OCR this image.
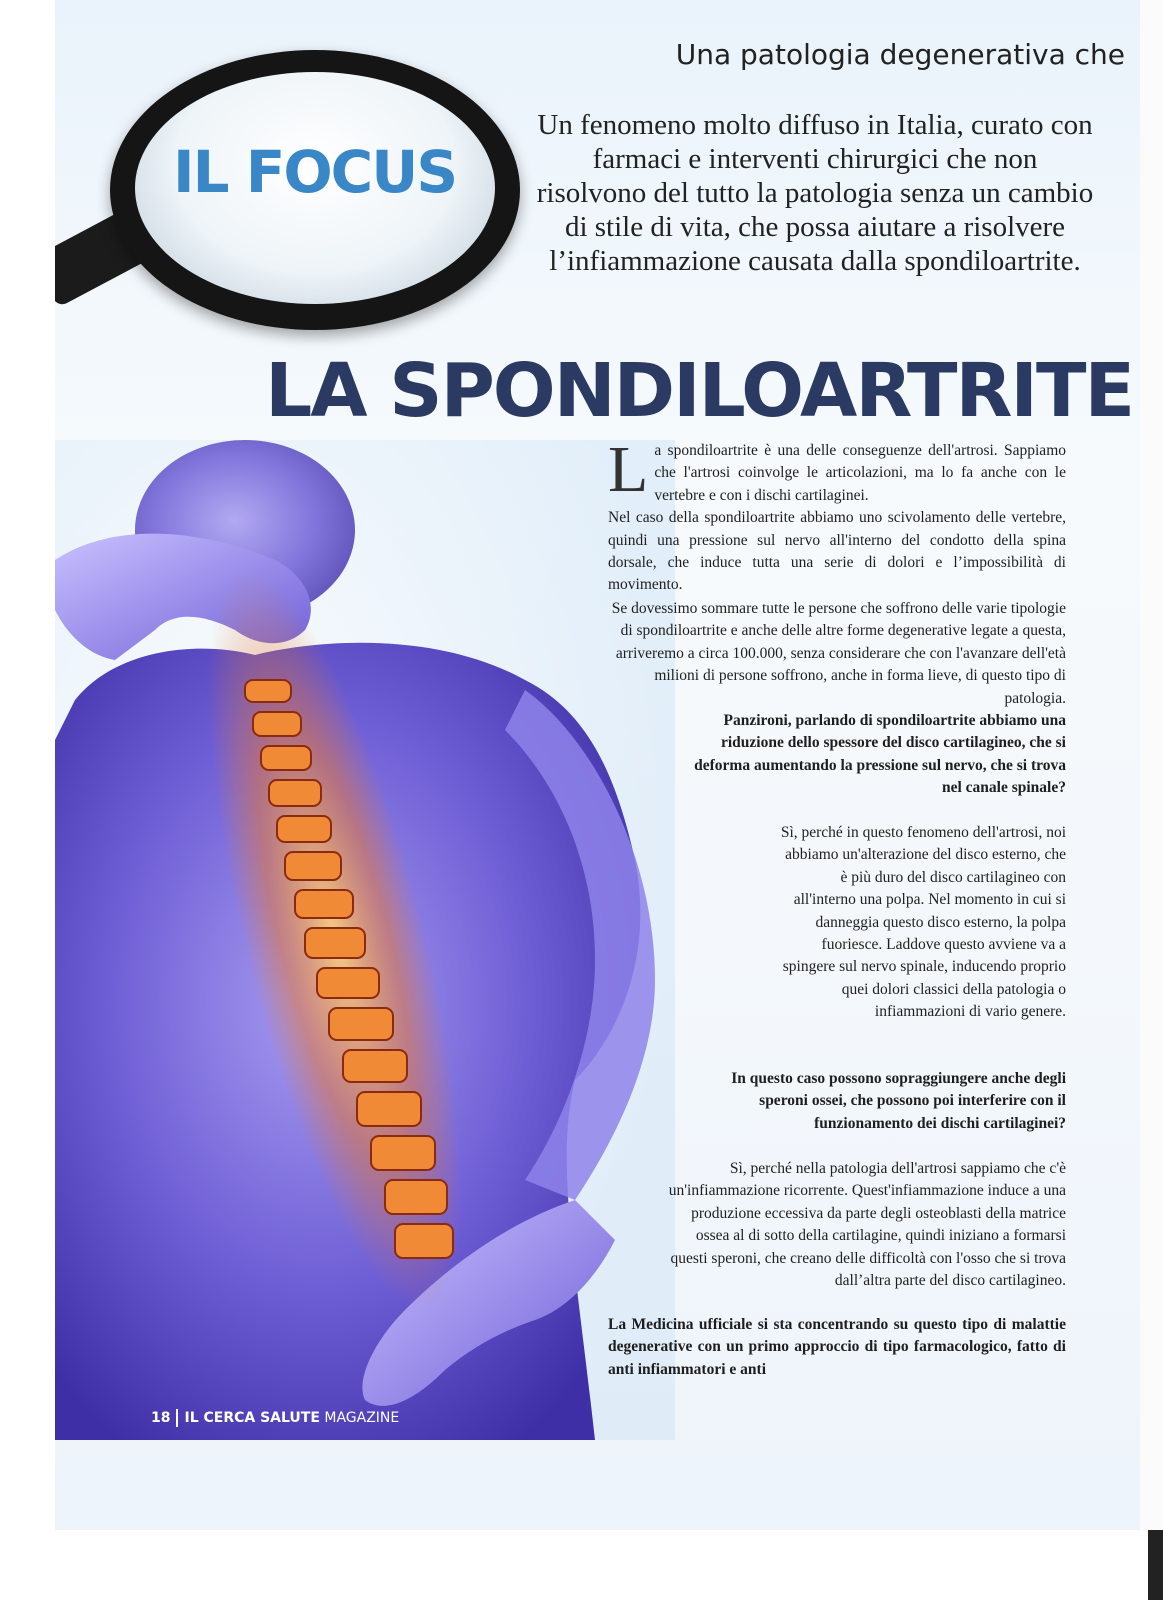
IL FOCUS
Una patologia degenerativa che
Un fenomeno molto diffuso in Italia, curato con farmaci e interventi chirurgici che non risolvono del tutto la patologia senza un cambio di stile di vita, che possa aiutare a risolvere l’infiammazione causata dalla spondiloartrite.
LA SPONDILOARTRITE
L a spondiloartrite è una delle conseguenze dell'artrosi. Sappiamo che l'artrosi coinvolge le articolazioni, ma lo fa anche con le vertebre e con i dischi cartilaginei.

Nel caso della spondiloartrite abbiamo uno scivolamento delle vertebre, quindi una pressione sul nervo all'interno del condotto della spina dorsale, che induce tutta una serie di dolori e l’impossibilità di movimento.

Se dovessimo sommare tutte le persone che soffrono delle varie tipologie di spondiloartrite e anche delle altre forme degenerative legate a questa, arriveremo a circa 100.000, senza considerare che con l'avanzare dell'età milioni di persone soffrono, anche in forma lieve, di questo tipo di patologia.

Panzironi, parlando di spondiloartrite abbiamo una riduzione dello spessore del disco cartilagineo, che si deforma aumentando la pressione sul nervo, che si trova nel canale spinale?
Sì, perché in questo fenomeno dell'artrosi, noi abbiamo un'alterazione del disco esterno, che è più duro del disco cartilagineo con all'interno una polpa. Nel momento in cui si danneggia questo disco esterno, la polpa fuoriesce. Laddove questo avviene va a spingere sul nervo spinale, inducendo proprio quei dolori classici della patologia o infiammazioni di vario genere.
In questo caso possono sopraggiungere anche degli speroni ossei, che possono poi interferire con il funzionamento dei dischi cartilaginei?
Sì, perché nella patologia dell'artrosi sappiamo che c'è un'infiammazione ricorrente. Quest'infiammazione induce a una produzione eccessiva da parte degli osteoblasti della matrice ossea al di sotto della cartilagine, quindi iniziano a formarsi questi speroni, che creano delle difficoltà con l'osso che si trova dall’altra parte del disco cartilagineo.
La Medicina ufficiale si sta concentrando su questo tipo di malattie degenerative con un primo approccio di tipo farmacologico, fatto di anti infiammatori e anti
18 IL CERCA SALUTE MAGAZINE
